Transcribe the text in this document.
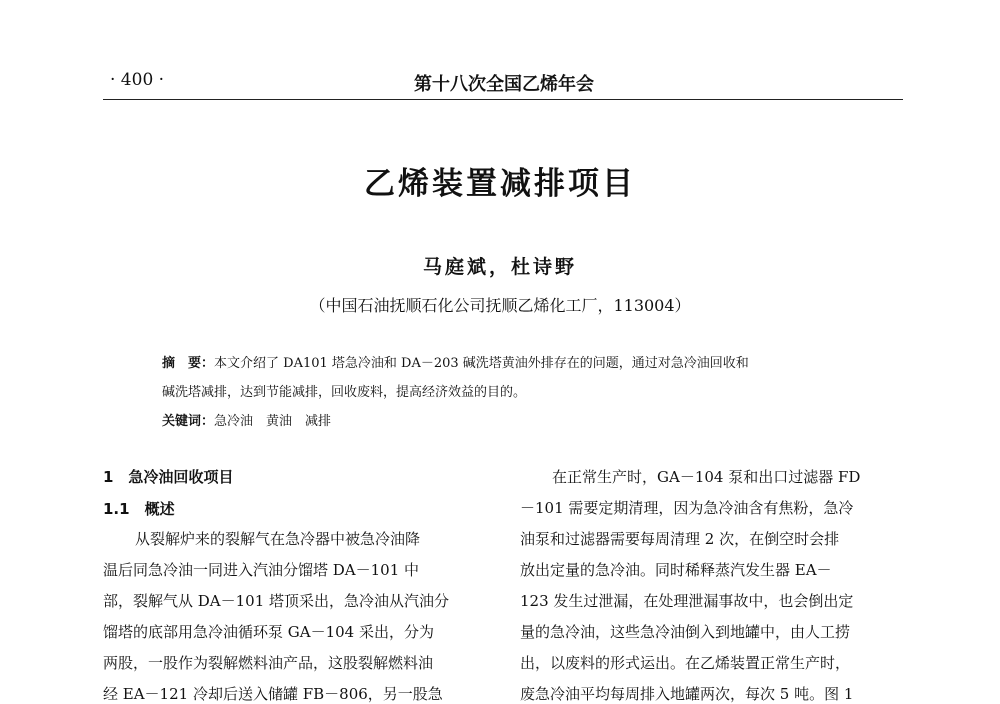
· 400 ·	第十八次全国乙烯年会
乙烯装置减排项目
马庭斌，杜诗野
（中国石油抚顺石化公司抚顺乙烯化工厂，113004）
摘　要：本文介绍了 DA101 塔急冷油和 DA－203 碱洗塔黄油外排存在的问题，通过对急冷油回收和
碱洗塔减排，达到节能减排，回收废料，提高经济效益的目的。
关键词：急冷油　黄油　减排
1　急冷油回收项目
1.1　概述
从裂解炉来的裂解气在急冷器中被急冷油降
温后同急冷油一同进入汽油分馏塔 DA－101 中
部，裂解气从 DA－101 塔顶采出，急冷油从汽油分
馏塔的底部用急冷油循环泵 GA－104 采出，分为
两股，一股作为裂解燃料油产品，这股裂解燃料油
经 EA－121 冷却后送入储罐 FB－806，另一股急
在正常生产时，GA－104 泵和出口过滤器 FD
－101 需要定期清理，因为急冷油含有焦粉，急冷
油泵和过滤器需要每周清理 2 次，在倒空时会排
放出定量的急冷油。同时稀释蒸汽发生器 EA－
123 发生过泄漏，在处理泄漏事故中，也会倒出定
量的急冷油，这些急冷油倒入到地罐中，由人工捞
出，以废料的形式运出。在乙烯装置正常生产时，
废急冷油平均每周排入地罐两次，每次 5 吨。图 1
